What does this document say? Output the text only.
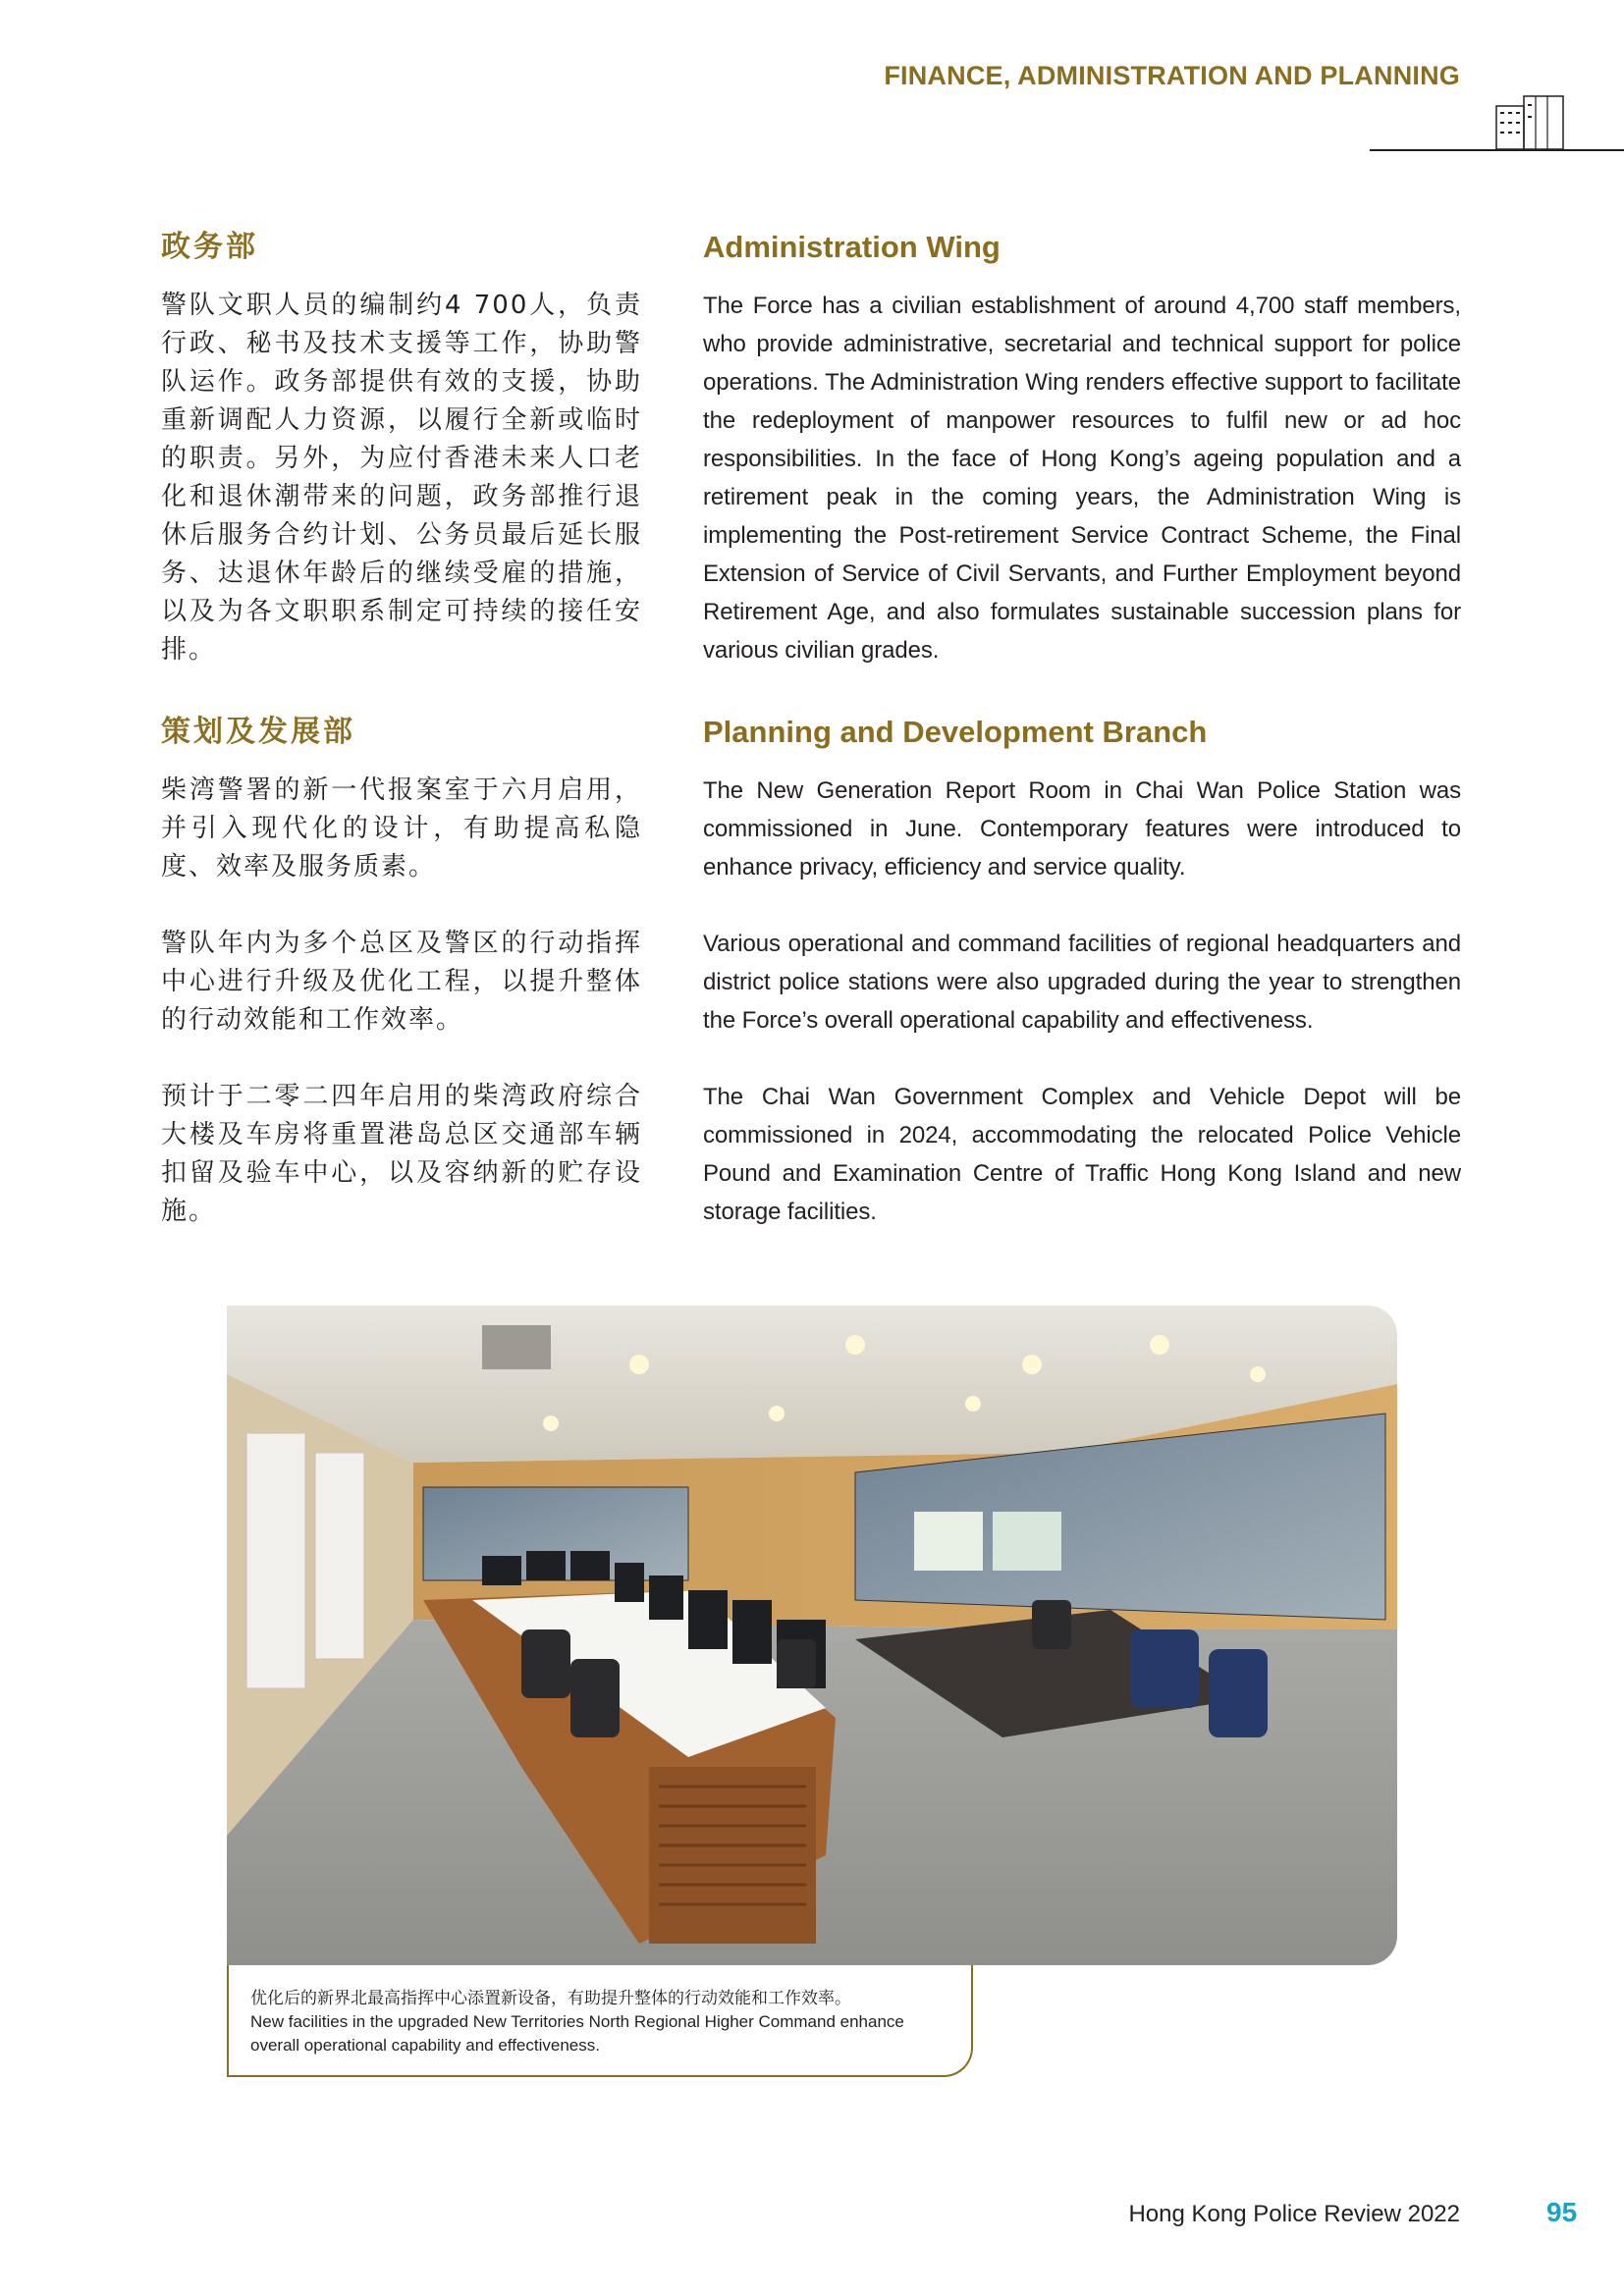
FINANCE, ADMINISTRATION AND PLANNING
政务部

警队文职人员的编制约4 700人，负责行政、秘书及技术支援等工作，协助警队运作。政务部提供有效的支援，协助重新调配人力资源，以履行全新或临时的职责。另外，为应付香港未来人口老化和退休潮带来的问题，政务部推行退休后服务合约计划、公务员最后延长服务、达退休年龄后的继续受雇的措施，以及为各文职职系制定可持续的接任安排。

Administration Wing

The Force has a civilian establishment of around 4,700 staff members, who provide administrative, secretarial and technical support for police operations. The Administration Wing renders effective support to facilitate the redeployment of manpower resources to fulfil new or ad hoc responsibilities. In the face of Hong Kong’s ageing population and a retirement peak in the coming years, the Administration Wing is implementing the Post-retirement Service Contract Scheme, the Final Extension of Service of Civil Servants, and Further Employment beyond Retirement Age, and also formulates sustainable succession plans for various civilian grades.

策划及发展部

柴湾警署的新一代报案室于六月启用，并引入现代化的设计，有助提高私隐度、效率及服务质素。

警队年内为多个总区及警区的行动指挥中心进行升级及优化工程，以提升整体的行动效能和工作效率。

预计于二零二四年启用的柴湾政府综合大楼及车房将重置港岛总区交通部车辆扣留及验车中心，以及容纳新的贮存设施。

Planning and Development Branch

The New Generation Report Room in Chai Wan Police Station was commissioned in June. Contemporary features were introduced to enhance privacy, efficiency and service quality.

Various operational and command facilities of regional headquarters and district police stations were also upgraded during the year to strengthen the Force’s overall operational capability and effectiveness.

The Chai Wan Government Complex and Vehicle Depot will be commissioned in 2024, accommodating the relocated Police Vehicle Pound and Examination Centre of Traffic Hong Kong Island and new storage facilities.

优化后的新界北最高指挥中心添置新设备，有助提升整体的行动效能和工作效率。

New facilities in the upgraded New Territories North Regional Higher Command enhance overall operational capability and effectiveness.

Hong Kong Police Review 2022	95
